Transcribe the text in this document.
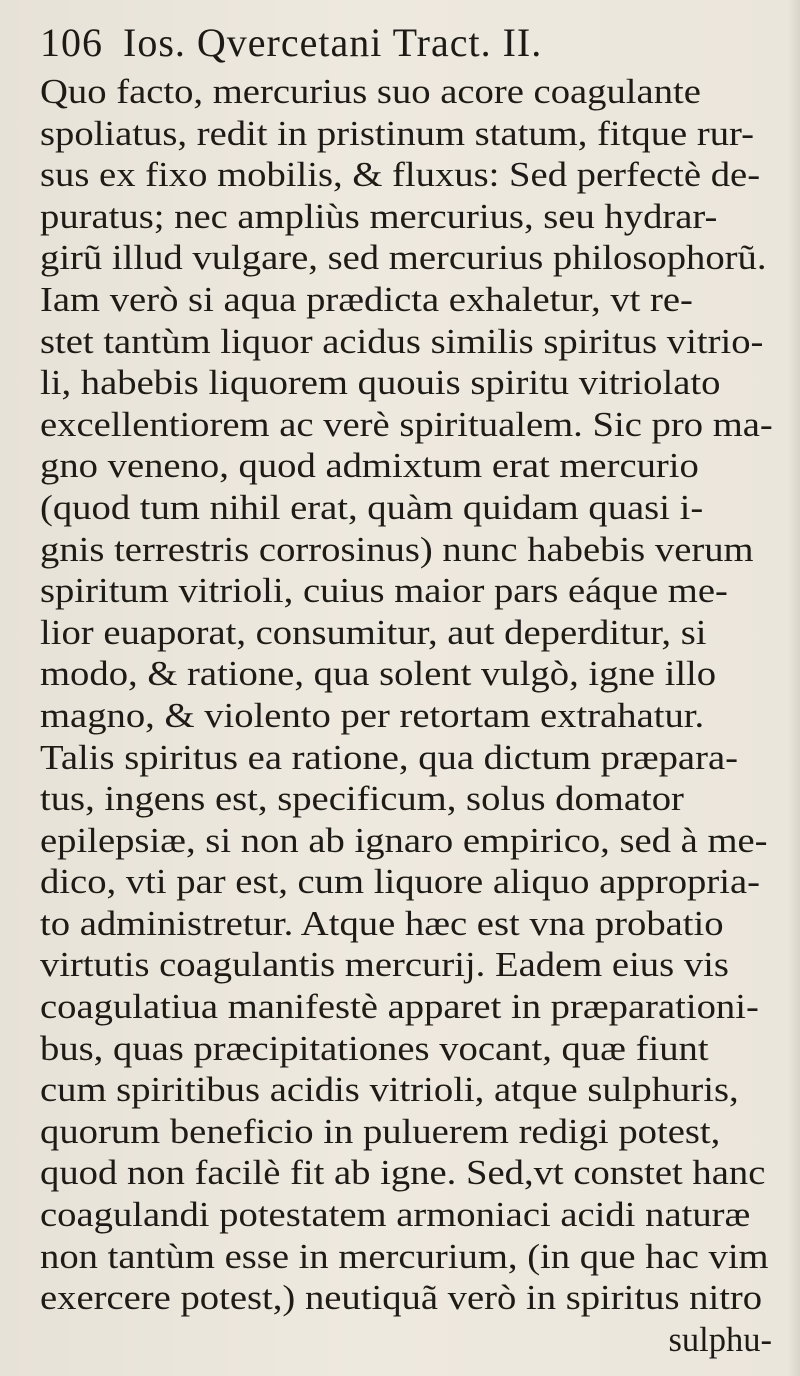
106 Ios. Qvercetani Tract. II.
Quo facto, mercurius suo acore coagulante
spoliatus, redit in pristinum statum, fitque rur-
sus ex fixo mobilis, & fluxus: Sed perfectè de-
puratus; nec ampliùs mercurius, seu hydrar-
girũ illud vulgare, sed mercurius philosophorũ.
Iam verò si aqua prædicta exhaletur, vt re-
stet tantùm liquor acidus similis spiritus vitrio-
li, habebis liquorem quouis spiritu vitriolato
excellentiorem ac verè spiritualem. Sic pro ma-
gno veneno, quod admixtum erat mercurio
(quod tum nihil erat, quàm quidam quasi i-
gnis terrestris corrosinus) nunc habebis verum
spiritum vitrioli, cuius maior pars eáque me-
lior euaporat, consumitur, aut deperditur, si
modo, & ratione, qua solent vulgò, igne illo
magno, & violento per retortam extrahatur.
Talis spiritus ea ratione, qua dictum præpara-
tus, ingens est, specificum, solus domator
epilepsiæ, si non ab ignaro empirico, sed à me-
dico, vti par est, cum liquore aliquo appropria-
to administretur. Atque hæc est vna probatio
virtutis coagulantis mercurij. Eadem eius vis
coagulatiua manifestè apparet in præparationi-
bus, quas præcipitationes vocant, quæ fiunt
cum spiritibus acidis vitrioli, atque sulphuris,
quorum beneficio in puluerem redigi potest,
quod non facilè fit ab igne. Sed,vt constet hanc
coagulandi potestatem armoniaci acidi naturæ
non tantùm esse in mercurium, (in que hac vim
exercere potest,) neutiquã verò in spiritus nitro
sulphu-
